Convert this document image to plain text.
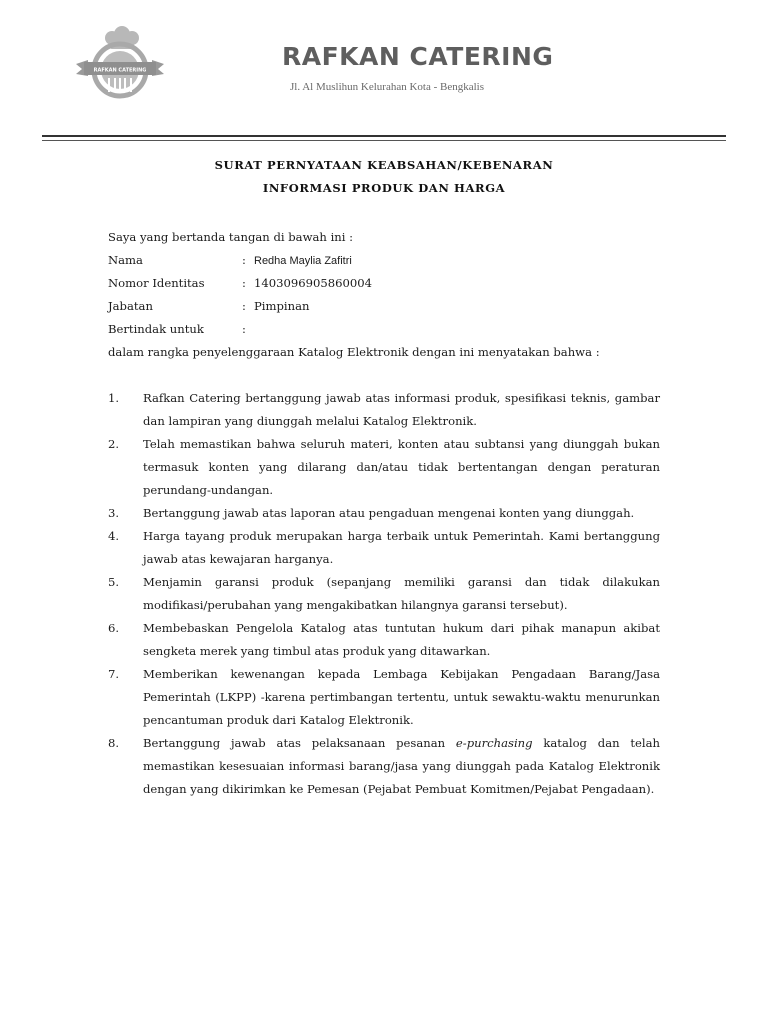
RAFKAN CATERING	RAFKAN CATERING
Jl. Al Muslihun Kelurahan Kota - Bengkalis
SURAT PERNYATAAN KEABSAHAN/KEBENARAN
INFORMASI PRODUK DAN HARGA
Saya yang bertanda tangan di bawah ini :
Nama	: Redha Maylia Zafitri
Nomor Identitas	: 1403096905860004
Jabatan	: Pimpinan
Bertindak untuk	:
dalam rangka penyelenggaraan Katalog Elektronik dengan ini menyatakan bahwa :
1. Rafkan Catering bertanggung jawab atas informasi produk, spesifikasi teknis, gambar dan lampiran yang diunggah melalui Katalog Elektronik.
2. Telah memastikan bahwa seluruh materi, konten atau subtansi yang diunggah bukan termasuk konten yang dilarang dan/atau tidak bertentangan dengan peraturan perundang-undangan.
3. Bertanggung jawab atas laporan atau pengaduan mengenai konten yang diunggah.
4. Harga tayang produk merupakan harga terbaik untuk Pemerintah. Kami bertanggung jawab atas kewajaran harganya.
5. Menjamin garansi produk (sepanjang memiliki garansi dan tidak dilakukan modifikasi/perubahan yang mengakibatkan hilangnya garansi tersebut).
6. Membebaskan Pengelola Katalog atas tuntutan hukum dari pihak manapun akibat sengketa merek yang timbul atas produk yang ditawarkan.
7. Memberikan kewenangan kepada Lembaga Kebijakan Pengadaan Barang/Jasa Pemerintah (LKPP) -karena pertimbangan tertentu, untuk sewaktu-waktu menurunkan pencantuman produk dari Katalog Elektronik.
8. Bertanggung jawab atas pelaksanaan pesanan e-purchasing katalog dan telah memastikan kesesuaian informasi barang/jasa yang diunggah pada Katalog Elektronik dengan yang dikirimkan ke Pemesan (Pejabat Pembuat Komitmen/Pejabat Pengadaan).
